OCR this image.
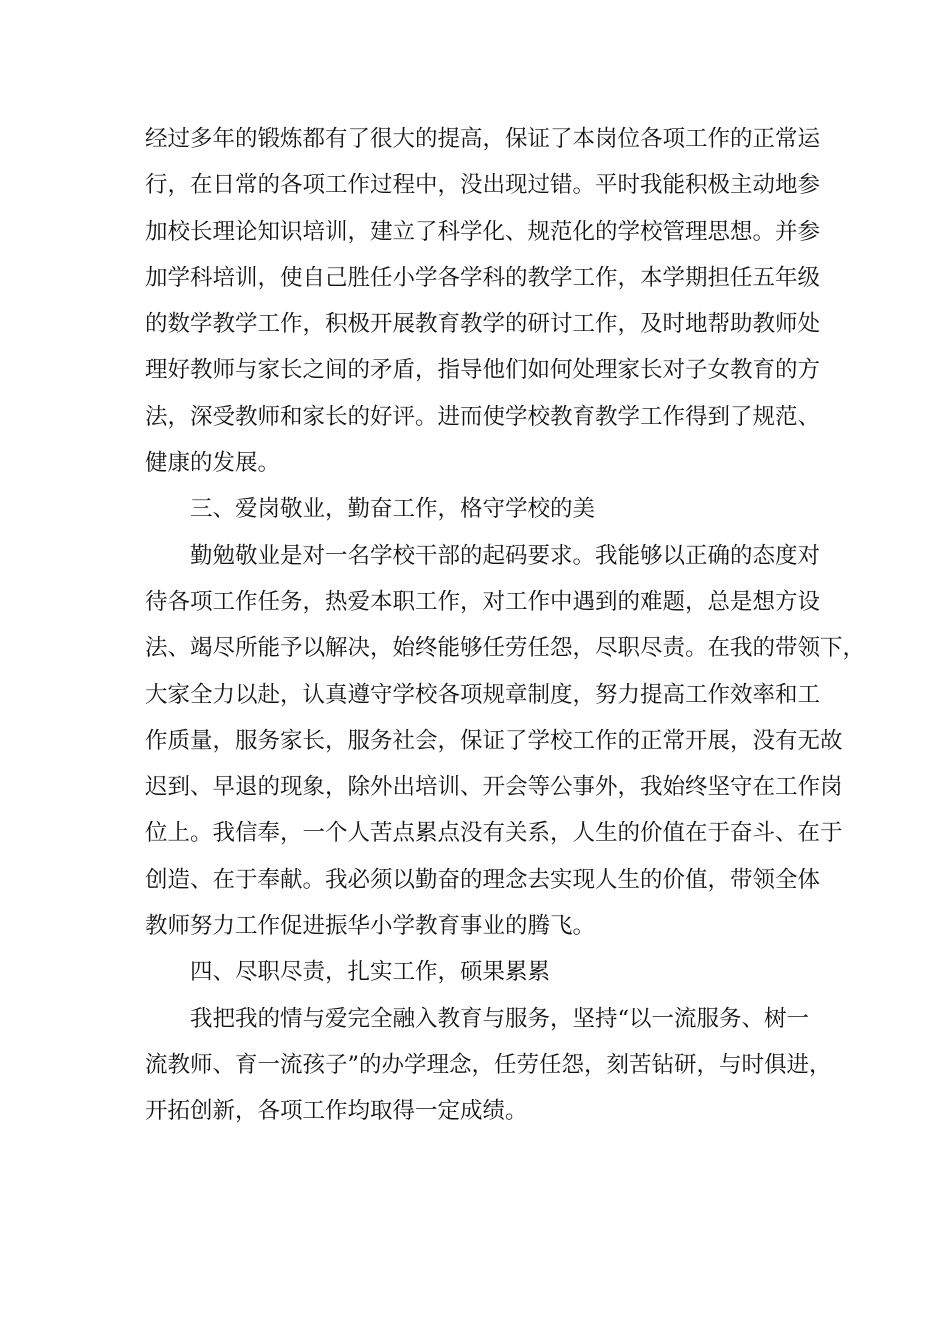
经过多年的锻炼都有了很大的提高，保证了本岗位各项工作的正常运
行，在日常的各项工作过程中，没出现过错。平时我能积极主动地参
加校长理论知识培训，建立了科学化、规范化的学校管理思想。并参
加学科培训，使自己胜任小学各学科的教学工作，本学期担任五年级
的数学教学工作，积极开展教育教学的研讨工作，及时地帮助教师处
理好教师与家长之间的矛盾，指导他们如何处理家长对子女教育的方
法，深受教师和家长的好评。进而使学校教育教学工作得到了规范、
健康的发展。
三、爱岗敬业，勤奋工作，格守学校的美
勤勉敬业是对一名学校干部的起码要求。我能够以正确的态度对
待各项工作任务，热爱本职工作，对工作中遇到的难题，总是想方设
法、竭尽所能予以解决，始终能够任劳任怨，尽职尽责。在我的带领下，
大家全力以赴，认真遵守学校各项规章制度，努力提高工作效率和工
作质量，服务家长，服务社会，保证了学校工作的正常开展，没有无故
迟到、早退的现象，除外出培训、开会等公事外，我始终坚守在工作岗
位上。我信奉，一个人苦点累点没有关系，人生的价值在于奋斗、在于
创造、在于奉献。我必须以勤奋的理念去实现人生的价值，带领全体
教师努力工作促进振华小学教育事业的腾飞。
四、尽职尽责，扎实工作，硕果累累
我把我的情与爱完全融入教育与服务，坚持“以一流服务、树一
流教师、育一流孩子”的办学理念，任劳任怨，刻苦钻研，与时俱进，
开拓创新，各项工作均取得一定成绩。
